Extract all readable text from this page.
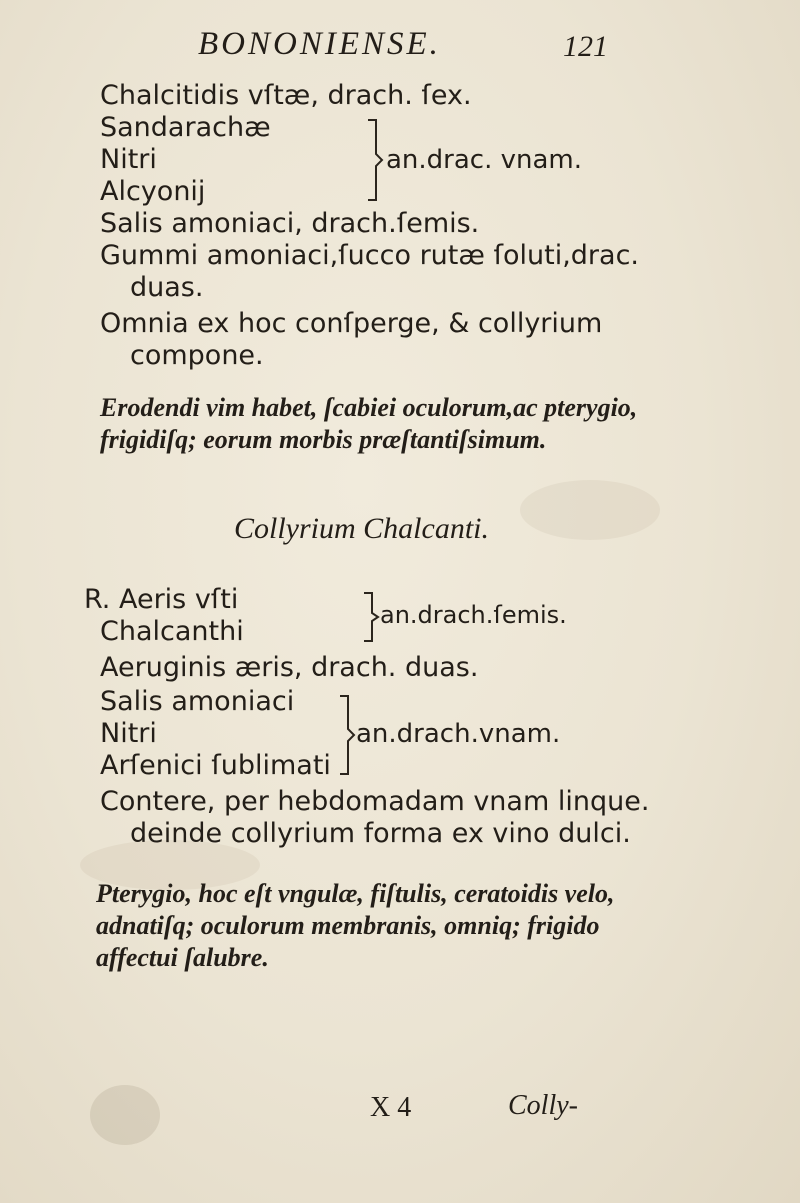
BONONIENSE.	121
Chalcitidis vſtæ, drach. ſex.
Sandarachæ
Nitri
Alcyonij
an.drac. vnam.
Salis amoniaci, drach.ſemis.
Gummi amoniaci,ſucco rutæ ſoluti,drac.
duas.
Omnia ex hoc conſperge, & collyrium
compone.
Erodendi vim habet, ſcabiei oculorum,ac pterygio,
frigidiſq; eorum morbis præſtantiſsimum.
Collyrium Chalcanti.
R. Aeris vſti
Chalcanthi
an.drach.ſemis.
Aeruginis æris, drach. duas.
Salis amoniaci
Nitri
Arſenici ſublimati
an.drach.vnam.
Contere, per hebdomadam vnam linque.
deinde collyrium forma ex vino dulci.
Pterygio, hoc eſt vngulæ, fiſtulis, ceratoidis velo,
adnatiſq; oculorum membranis, omniq; frigido
affectui ſalubre.
X 4	Colly-
